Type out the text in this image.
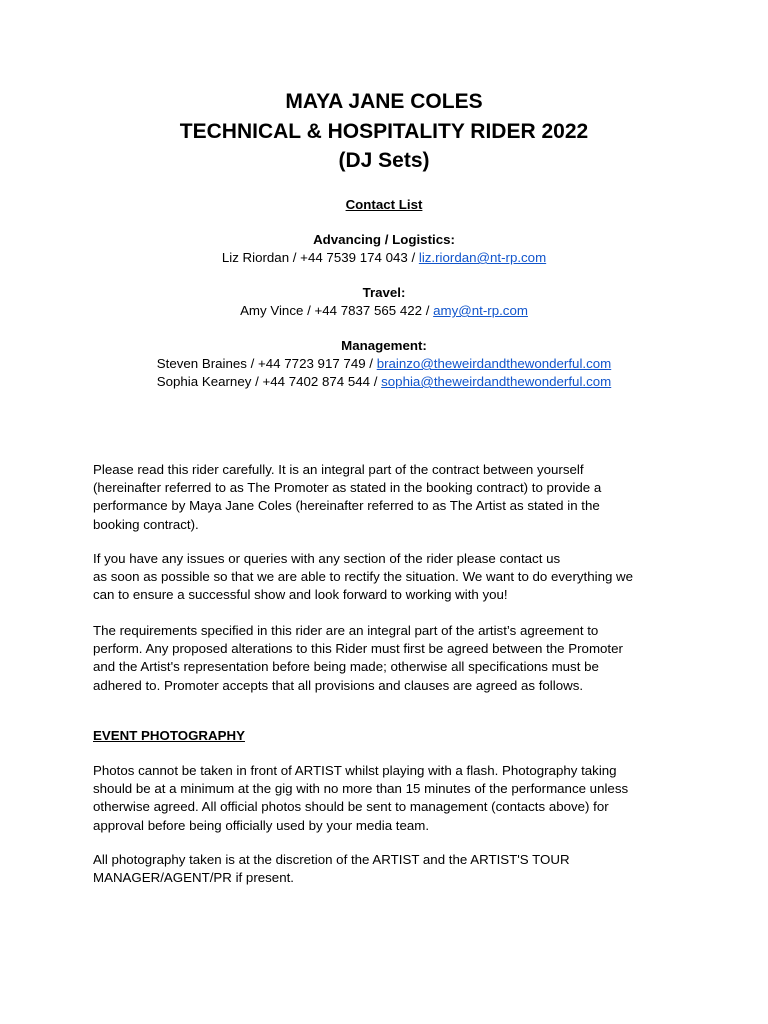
MAYA JANE COLES
TECHNICAL & HOSPITALITY RIDER 2022
(DJ Sets)
Contact List
Advancing / Logistics:
Liz Riordan / +44 7539 174 043 / liz.riordan@nt-rp.com
Travel:
Amy Vince / +44 7837 565 422 / amy@nt-rp.com
Management:
Steven Braines / +44 7723 917 749 / brainzo@theweirdandthewonderful.com
Sophia Kearney / +44 7402 874 544 / sophia@theweirdandthewonderful.com
Please read this rider carefully. It is an integral part of the contract between yourself
(hereinafter referred to as The Promoter as stated in the booking contract) to provide a
performance by Maya Jane Coles (hereinafter referred to as The Artist as stated in the
booking contract).
If you have any issues or queries with any section of the rider please contact us
as soon as possible so that we are able to rectify the situation. We want to do everything we
can to ensure a successful show and look forward to working with you!
The requirements specified in this rider are an integral part of the artist’s agreement to
perform. Any proposed alterations to this Rider must first be agreed between the Promoter
and the Artist's representation before being made; otherwise all specifications must be
adhered to. Promoter accepts that all provisions and clauses are agreed as follows.
EVENT PHOTOGRAPHY
Photos cannot be taken in front of ARTIST whilst playing with a flash. Photography taking
should be at a minimum at the gig with no more than 15 minutes of the performance unless
otherwise agreed. All official photos should be sent to management (contacts above) for
approval before being officially used by your media team.
All photography taken is at the discretion of the ARTIST and the ARTIST'S TOUR
MANAGER/AGENT/PR if present.
